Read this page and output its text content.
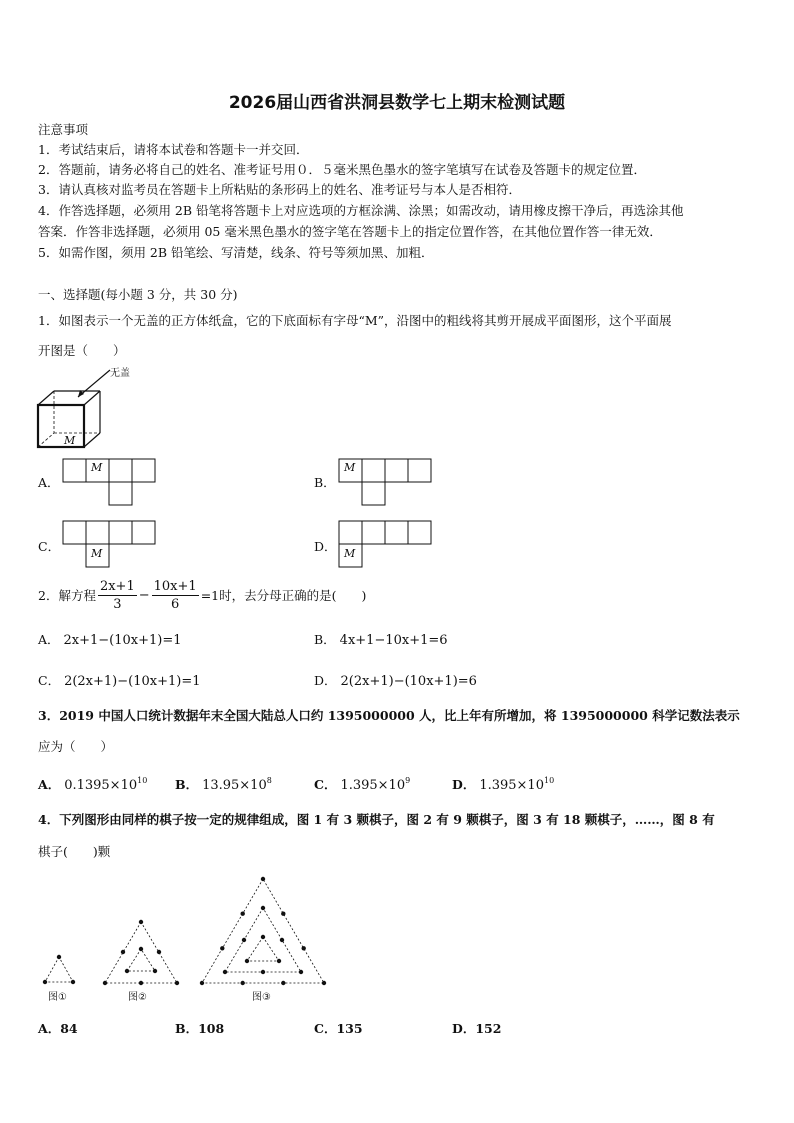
2026届山西省洪洞县数学七上期末检测试题
注意事项
1．考试结束后，请将本试卷和答题卡一并交回．
2．答题前，请务必将自己的姓名、准考证号用０．５毫米黑色墨水的签字笔填写在试卷及答题卡的规定位置．
3．请认真核对监考员在答题卡上所粘贴的条形码上的姓名、准考证号与本人是否相符．
4．作答选择题，必须用 2B 铅笔将答题卡上对应选项的方框涂满、涂黑；如需改动，请用橡皮擦干净后，再选涂其他
答案．作答非选择题，必须用 05 毫米黑色墨水的签字笔在答题卡上的指定位置作答，在其他位置作答一律无效．
5．如需作图，须用 2B 铅笔绘、写清楚，线条、符号等须加黑、加粗．
一、选择题(每小题 3 分，共 30 分)
1．如图表示一个无盖的正方体纸盒，它的下底面标有字母“M”，沿图中的粗线将其剪开展成平面图形，这个平面展
开图是（　　）
无盖
M
A．
M
B．
M
C．	M	D． M
2．解方程 $\frac{2x+1}{3} - \frac{10x+1}{6} =1$时，去分母正确的是(　　)
A． 2x+1−(10x+1)=1	B． 4x+1−10x+1=6
C． 2(2x+1)−(10x+1)=1	D． 2(2x+1)−(10x+1)=6
3．2019 中国人口统计数据年末全国大陆总人口约 1395000000 人，比上年有所增加，将 1395000000 科学记数法表示
应为（　　）
A． $0.1395\times 10^{10}$ B． $13.95\times 10^8$	C． $1.395\times 10^9$	D． $1.395\times 10^{10}$
4．下列图形由同样的棋子按一定的规律组成，图 1 有 3 颗棋子，图 2 有 9 颗棋子，图 3 有 18 颗棋子，……，图 8 有
棋子(　　)颗
图①	图②	图③
A．84	B．108	C．135	D．152
